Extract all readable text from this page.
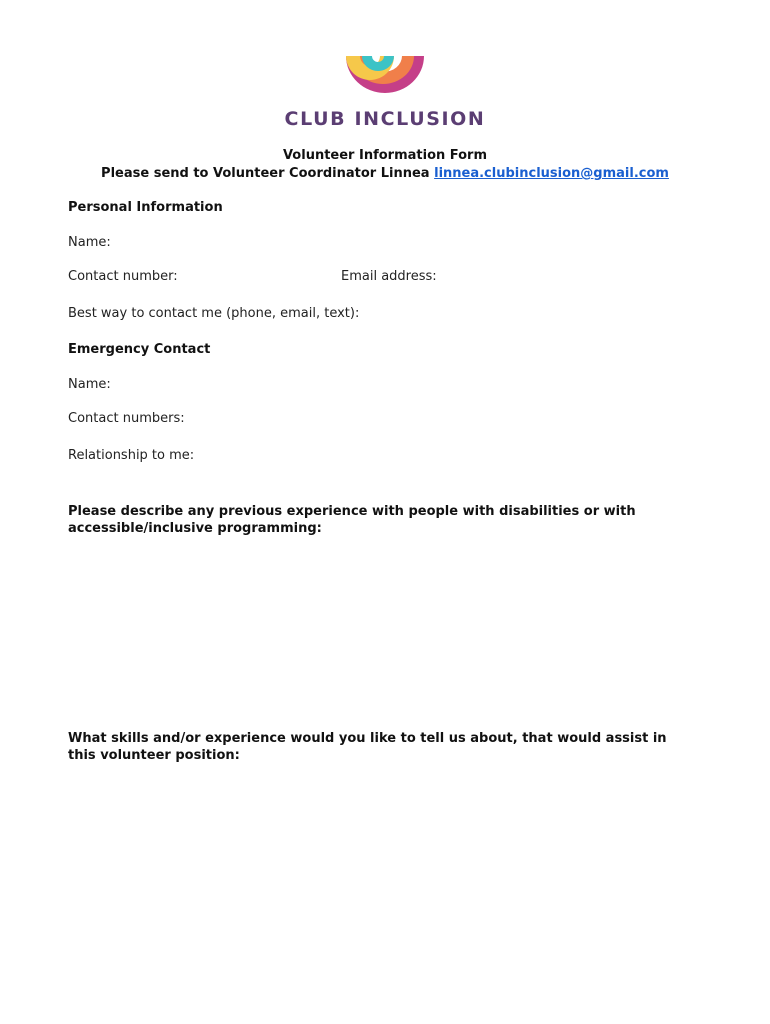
CLUB INCLUSION
Volunteer Information Form
Please send to Volunteer Coordinator Linnea linnea.clubinclusion@gmail.com
Personal Information
Name:
Contact number:	Email address:
Best way to contact me (phone, email, text):
Emergency Contact
Name:
Contact numbers:
Relationship to me:
Please describe any previous experience with people with disabilities or with accessible/inclusive programming:
What skills and/or experience would you like to tell us about, that would assist in this volunteer position:
